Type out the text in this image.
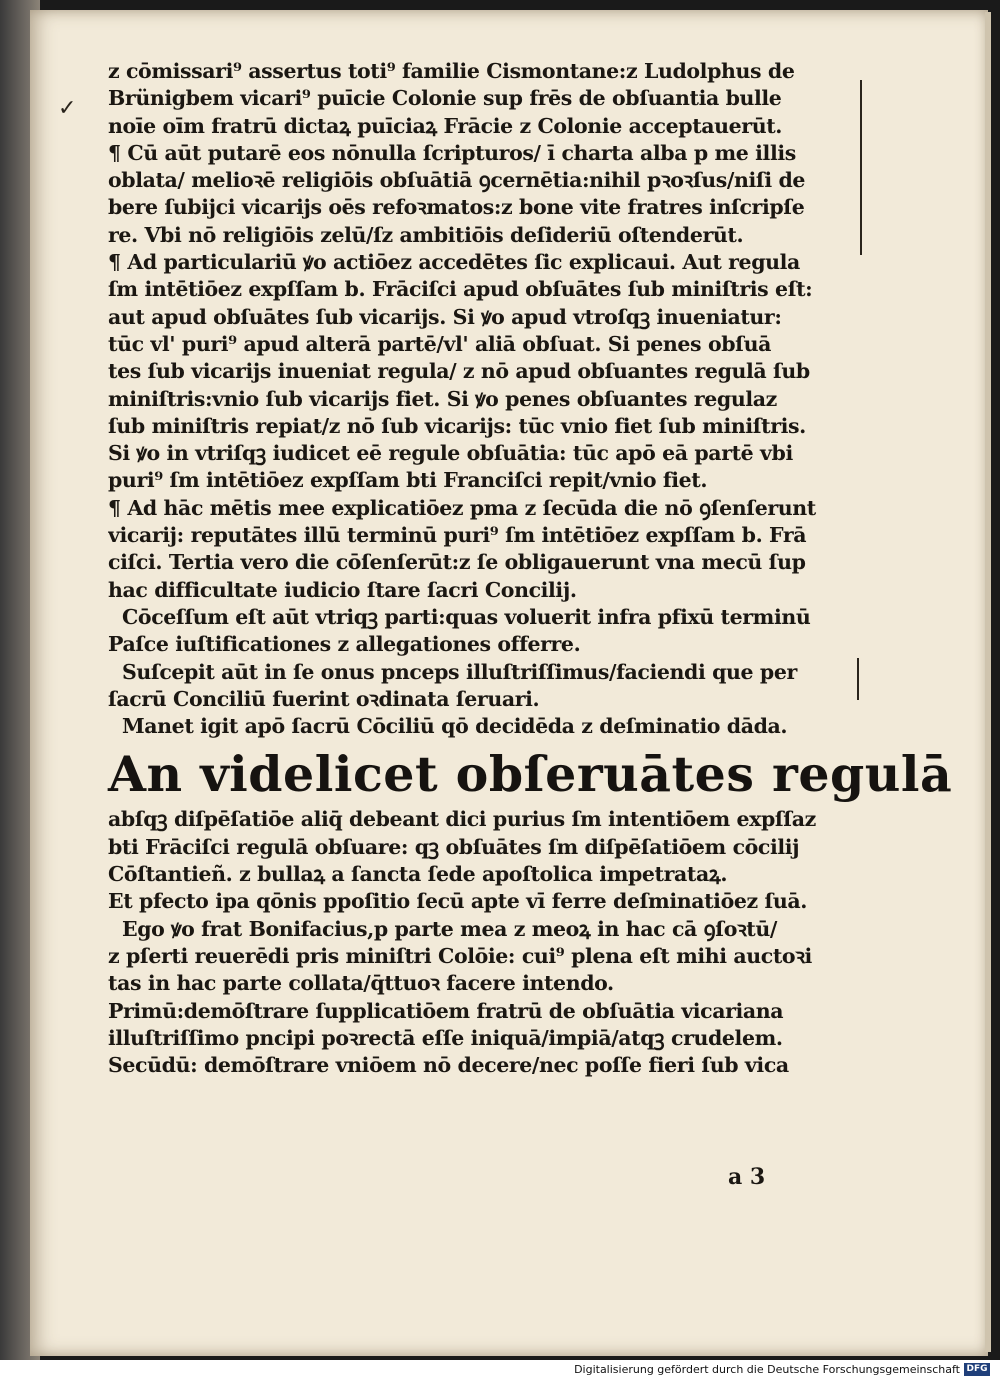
✓
z cōmissari⁹ assertus toti⁹ familie Cismontane:z Ludolphus de
Brünigbem vicari⁹ puīcie Colonie sup frēs de obſuantia bulle
noīe oīm fratrū dictaꝝ puīciaꝝ Frācie z Colonie acceptauerūt.
¶ Cū aūt putarē eos nōnulla ſcripturos/ ī charta alba p me illis
oblata/ melioꝛē religiōis obſuātiā ꝯcernētia:nihil pꝛoꝛſus/niſi de
bere ſubijci vicarijs oēs refoꝛmatos:z bone vite fratres inſcripſe
re. Vbi nō religiōis zelū/ſz ambitiōis deſideriū oſtenderūt.
¶ Ad particulariū ꝟo actiōez accedētes ſic explicaui. Aut regula
ſm intētiōez expſſam b. Frāciſci apud obſuātes ſub miniſtris eſt:
aut apud obſuātes ſub vicarijs. Si ꝟo apud vtroſqꝫ inueniatur:
tūc vl' puri⁹ apud alterā partē/vl' aliā obſuat. Si penes obſuā
tes ſub vicarijs inueniat regula/ z nō apud obſuantes regulā ſub
miniſtris:vnio ſub vicarijs fiet. Si ꝟo penes obſuantes regulaz
ſub miniſtris repiat/z nō ſub vicarijs: tūc vnio fiet ſub miniſtris.
Si ꝟo in vtriſqꝫ iudicet eē regule obſuātia: tūc apō eā partē vbi
puri⁹ ſm intētiōez expſſam bti Franciſci repit/vnio fiet.
¶ Ad hāc mētis mee explicatiōez pma z ſecūda die nō ꝯſenſerunt
vicarij: reputātes illū terminū puri⁹ ſm intētiōez expſſam b. Frā
ciſci. Tertia vero die cōſenſerūt:z ſe obligauerunt vna mecū ſup
hac difficultate iudicio ſtare ſacri Concilij.
Cōceſſum eſt aūt vtriqꝫ parti:quas voluerit infra pfixū terminū
Paſce iuſtificationes z allegationes offerre.
Suſcepit aūt in ſe onus pnceps illuſtriſſimus/faciendi que per
ſacrū Conciliū fuerint oꝛdinata ſeruari.
Manet igit apō ſacrū Cōciliū qō decidēda z deſminatio dāda.
An videlicet obſeruātes regulā
abſqꝫ diſpēſatiōe aliq̄ debeant dici purius ſm intentiōem expſſaz
bti Frāciſci regulā obſuare: qꝫ obſuātes ſm diſpēſatiōem cōcilij
Cōſtantieñ. z bullaꝝ a ſancta ſede apoſtolica impetrataꝝ.
Et pfecto ipa qōnis ppoſitio ſecū apte vī ferre deſminatiōez ſuā.
Ego ꝟo frat Bonifacius,p parte mea z meoꝝ in hac cā ꝯſoꝛtū/
z pſerti reuerēdi pris miniſtri Colōie: cui⁹ plena eſt mihi auctoꝛi
tas in hac parte collata/q̄ttuoꝛ facere intendo.
Primū:demōſtrare ſupplicatiōem fratrū de obſuātia vicariana
illuſtriſſimo pncipi poꝛrectā eſſe iniquā/impiā/atqꝫ crudelem.
Secūdū: demōſtrare vniōem nō decere/nec poſſe fieri ſub vica
a 3
Digitalisierung gefördert durch die Deutsche Forschungsgemeinschaft DFG
